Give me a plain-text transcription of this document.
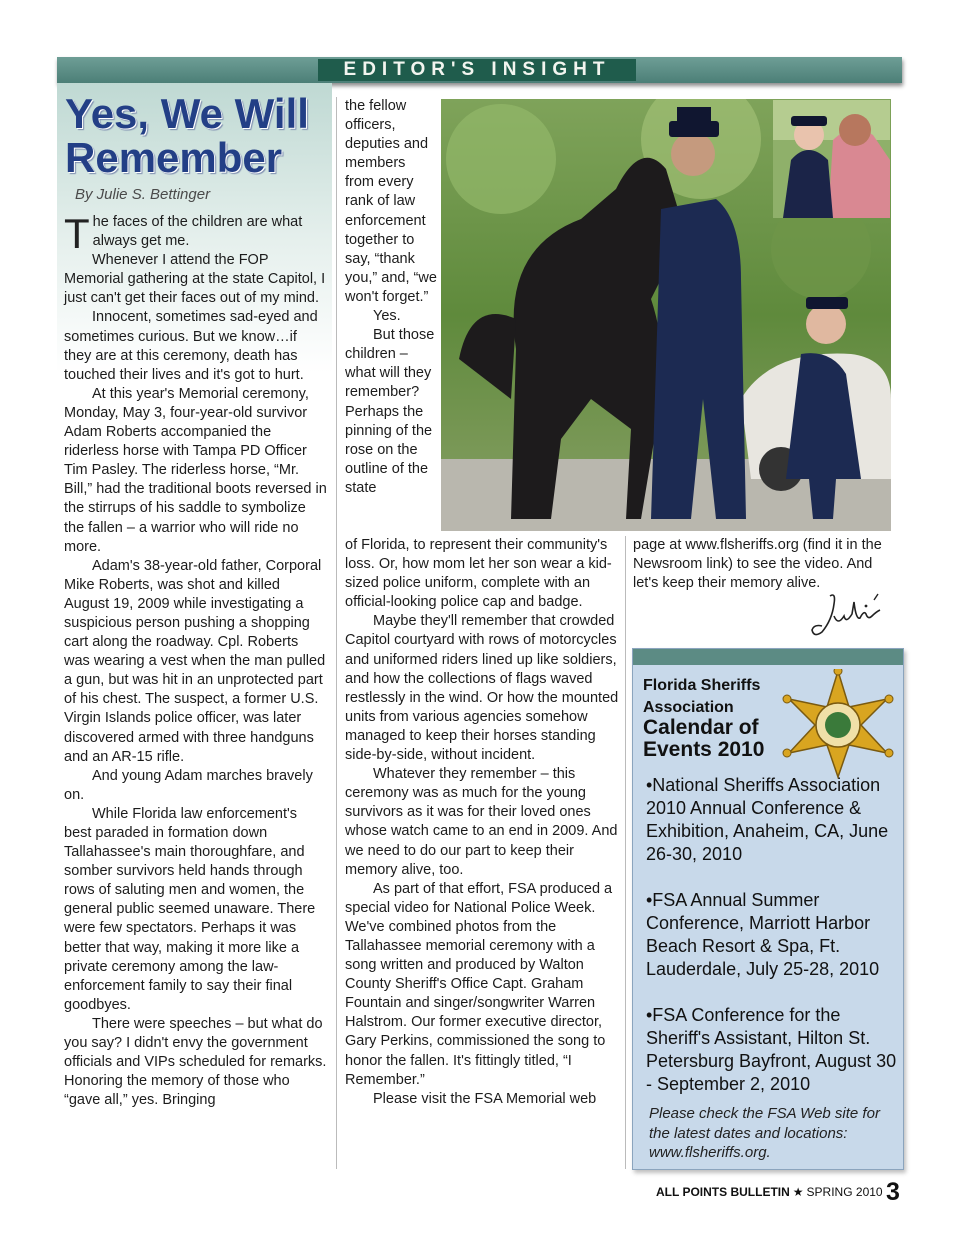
EDITOR'S INSIGHT
Yes, We Will Remember
By Julie S. Bettinger

The faces of the children are what always get me.

Whenever I attend the FOP Memorial gathering at the state Capitol, I just can't get their faces out of my mind.

Innocent, sometimes sad-eyed and sometimes curious. But we know…if they are at this ceremony, death has touched their lives and it's got to hurt.

At this year's Memorial ceremony, Monday, May 3, four-year-old survivor Adam Roberts accompanied the riderless horse with Tampa PD Officer Tim Pasley. The riderless horse, “Mr. Bill,” had the traditional boots reversed in the stirrups of his saddle to symbolize the fallen – a warrior who will ride no more.

Adam's 38-year-old father, Corporal Mike Roberts, was shot and killed August 19, 2009 while investigating a suspicious person pushing a shopping cart along the roadway. Cpl. Roberts was wearing a vest when the man pulled a gun, but was hit in an unprotected part of his chest. The suspect, a former U.S. Virgin Islands police officer, was later discovered armed with three handguns and an AR-15 rifle.

And young Adam marches bravely on.

While Florida law enforcement's best paraded in formation down Tallahassee's main thoroughfare, and somber survivors held hands through rows of saluting men and women, the general public seemed unaware. There were few spectators. Perhaps it was better that way, making it more like a private ceremony among the law-enforcement family to say their final goodbyes.

There were speeches – but what do you say? I didn't envy the government officials and VIPs scheduled for remarks. Honoring the memory of those who “gave all,” yes. Bringing

the fellow officers, deputies and members from every rank of law enforcement together to say, “thank you,” and, “we won't forget.”

Yes.

But those children – what will they remember? Perhaps the pinning of the rose on the outline of the state

of Florida, to represent their community's loss. Or, how mom let her son wear a kid-sized police uniform, complete with an official-looking police cap and badge.

Maybe they'll remember that crowded Capitol courtyard with rows of motorcycles and uniformed riders lined up like soldiers, and how the collections of flags waved restlessly in the wind. Or how the mounted units from various agencies somehow managed to keep their horses standing side-by-side, without incident.

Whatever they remember – this ceremony was as much for the young survivors as it was for their loved ones whose watch came to an end in 2009. And we need to do our part to keep their memory alive, too.

As part of that effort, FSA produced a special video for National Police Week. We've combined photos from the Tallahassee memorial ceremony with a song written and produced by Walton County Sheriff's Office Capt. Graham Fountain and singer/songwriter Warren Halstrom. Our former executive director, Gary Perkins, commissioned the song to honor the fallen. It's fittingly titled, “I Remember.”

Please visit the FSA Memorial web

page at www.flsheriffs.org (find it in the Newsroom link) to see the video. And let's keep their memory alive.

Florida Sheriffs
Association
Calendar of
Events 2010
•National Sheriffs Association 2010 Annual Conference & Exhibition, Anaheim, CA, June 26-30, 2010
•FSA Annual Summer Conference, Marriott Harbor Beach Resort & Spa, Ft. Lauderdale, July 25-28, 2010
•FSA Conference for the Sheriff's Assistant, Hilton St. Petersburg Bayfront, August 30 - September 2, 2010
Please check the FSA Web site for the latest dates and locations: www.flsheriffs.org.
ALL POINTS BULLETIN ★ SPRING 2010 3
